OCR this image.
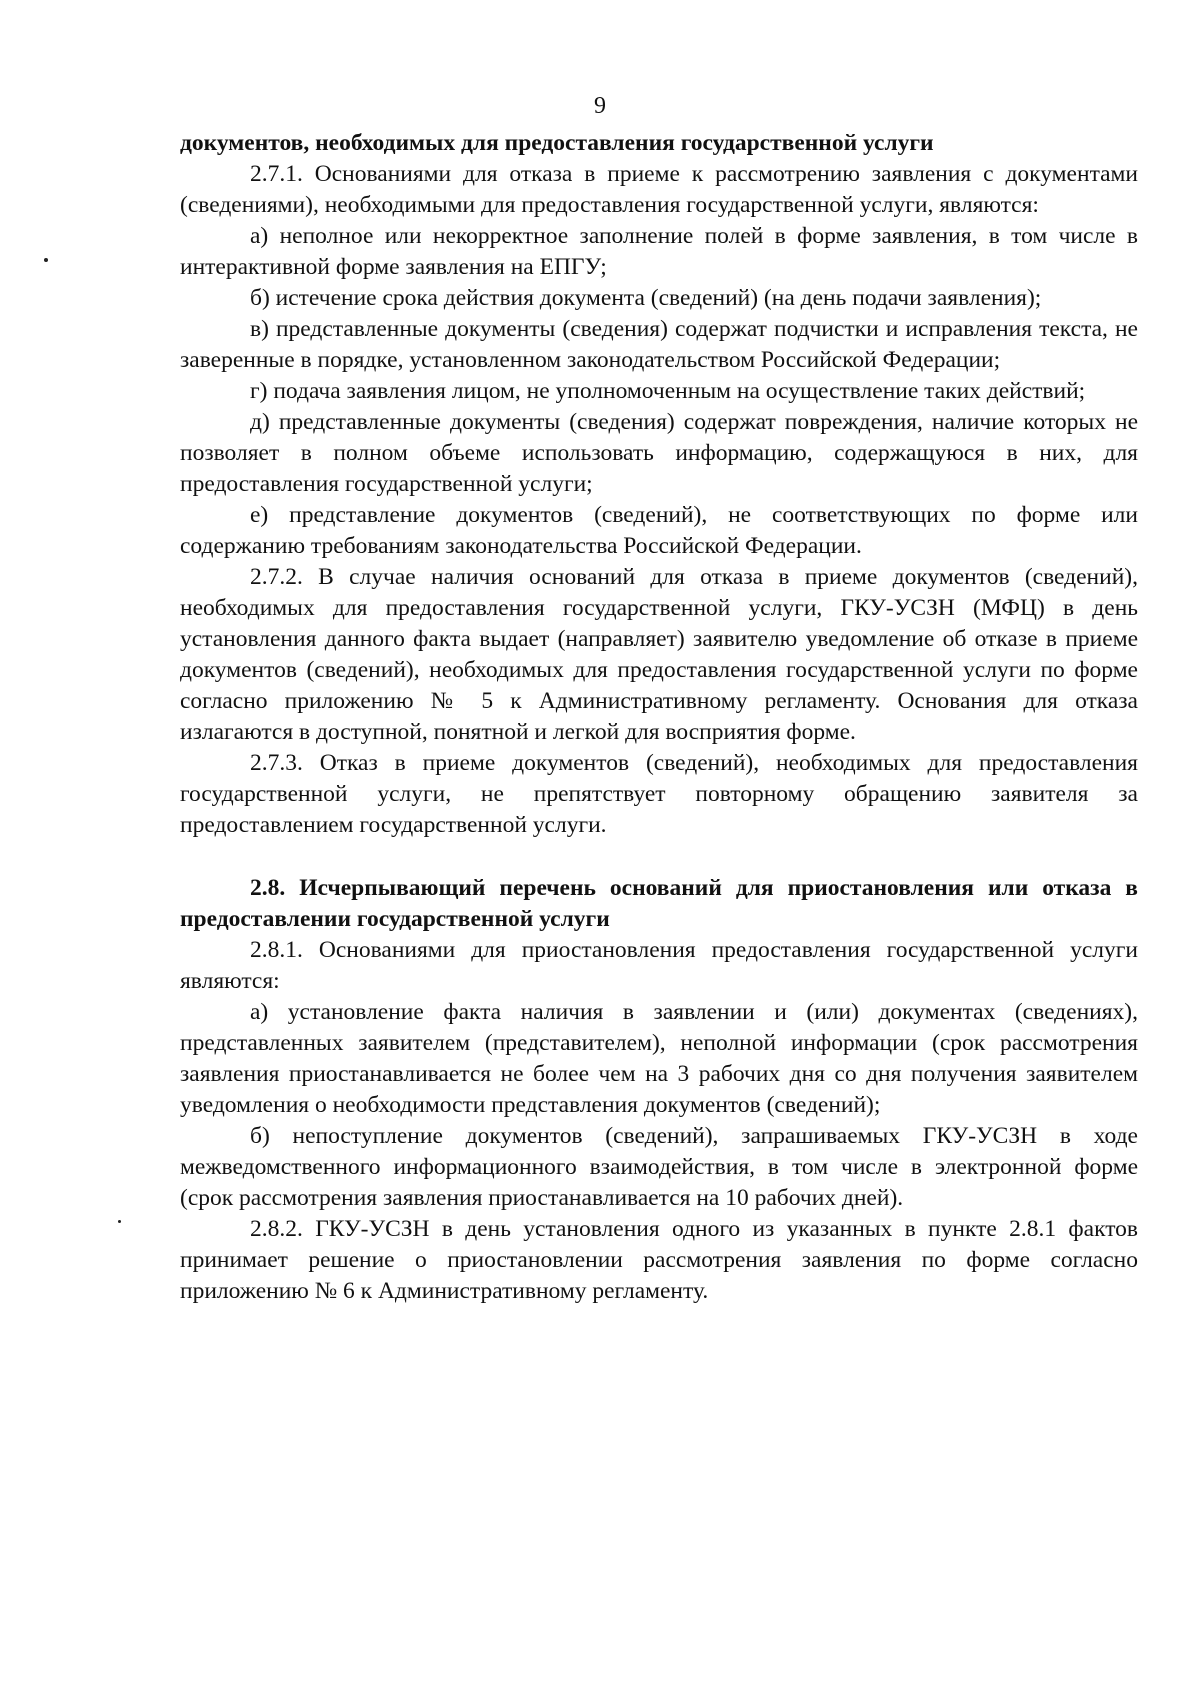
9

документов, необходимых для предоставления государственной услуги

2.7.1. Основаниями для отказа в приеме к рассмотрению заявления с документами (сведениями), необходимыми для предоставления государственной услуги, являются:

а) неполное или некорректное заполнение полей в форме заявления, в том числе в интерактивной форме заявления на ЕПГУ;

б) истечение срока действия документа (сведений) (на день подачи заявления);

в) представленные документы (сведения) содержат подчистки и исправления текста, не заверенные в порядке, установленном законодательством Российской Федерации;

г) подача заявления лицом, не уполномоченным на осуществление таких действий;

д) представленные документы (сведения) содержат повреждения, наличие которых не позволяет в полном объеме использовать информацию, содержащуюся в них, для предоставления государственной услуги;

е) представление документов (сведений), не соответствующих по форме или содержанию требованиям законодательства Российской Федерации.

2.7.2. В случае наличия оснований для отказа в приеме документов (сведений), необходимых для предоставления государственной услуги, ГКУ-УСЗН (МФЦ) в день установления данного факта выдает (направляет) заявителю уведомление об отказе в приеме документов (сведений), необходимых для предоставления государственной услуги по форме согласно приложению № 5 к Административному регламенту. Основания для отказа излагаются в доступной, понятной и легкой для восприятия форме.

2.7.3. Отказ в приеме документов (сведений), необходимых для предоставления государственной услуги, не препятствует повторному обращению заявителя за предоставлением государственной услуги.

2.8. Исчерпывающий перечень оснований для приостановления или отказа в предоставлении государственной услуги

2.8.1. Основаниями для приостановления предоставления государственной услуги являются:

а) установление факта наличия в заявлении и (или) документах (сведениях), представленных заявителем (представителем), неполной информации (срок рассмотрения заявления приостанавливается не более чем на 3 рабочих дня со дня получения заявителем уведомления о необходимости представления документов (сведений);

б) непоступление документов (сведений), запрашиваемых ГКУ-УСЗН в ходе межведомственного информационного взаимодействия, в том числе в электронной форме (срок рассмотрения заявления приостанавливается на 10 рабочих дней).

2.8.2. ГКУ-УСЗН в день установления одного из указанных в пункте 2.8.1 фактов принимает решение о приостановлении рассмотрения заявления по форме согласно приложению № 6 к Административному регламенту.
